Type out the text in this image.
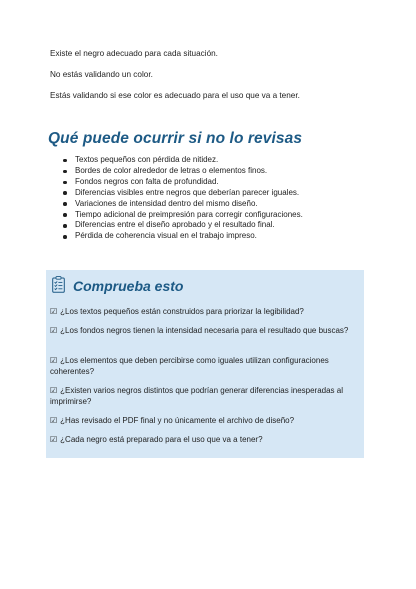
Existe el negro adecuado para cada situación.

No estás validando un color.

Estás validando si ese color es adecuado para el uso que va a tener.

Qué puede ocurrir si no lo revisas
Textos pequeños con pérdida de nitidez.
Bordes de color alrededor de letras o elementos finos.
Fondos negros con falta de profundidad.
Diferencias visibles entre negros que deberían parecer iguales.
Variaciones de intensidad dentro del mismo diseño.
Tiempo adicional de preimpresión para corregir configuraciones.
Diferencias entre el diseño aprobado y el resultado final.
Pérdida de coherencia visual en el trabajo impreso.
Comprueba esto

☑ ¿Los textos pequeños están construidos para priorizar la legibilidad?

☑ ¿Los fondos negros tienen la intensidad necesaria para el resultado que buscas?

☑ ¿Los elementos que deben percibirse como iguales utilizan configuraciones coherentes?

☑ ¿Existen varios negros distintos que podrían generar diferencias inesperadas al imprimirse?

☑ ¿Has revisado el PDF final y no únicamente el archivo de diseño?

☑ ¿Cada negro está preparado para el uso que va a tener?
